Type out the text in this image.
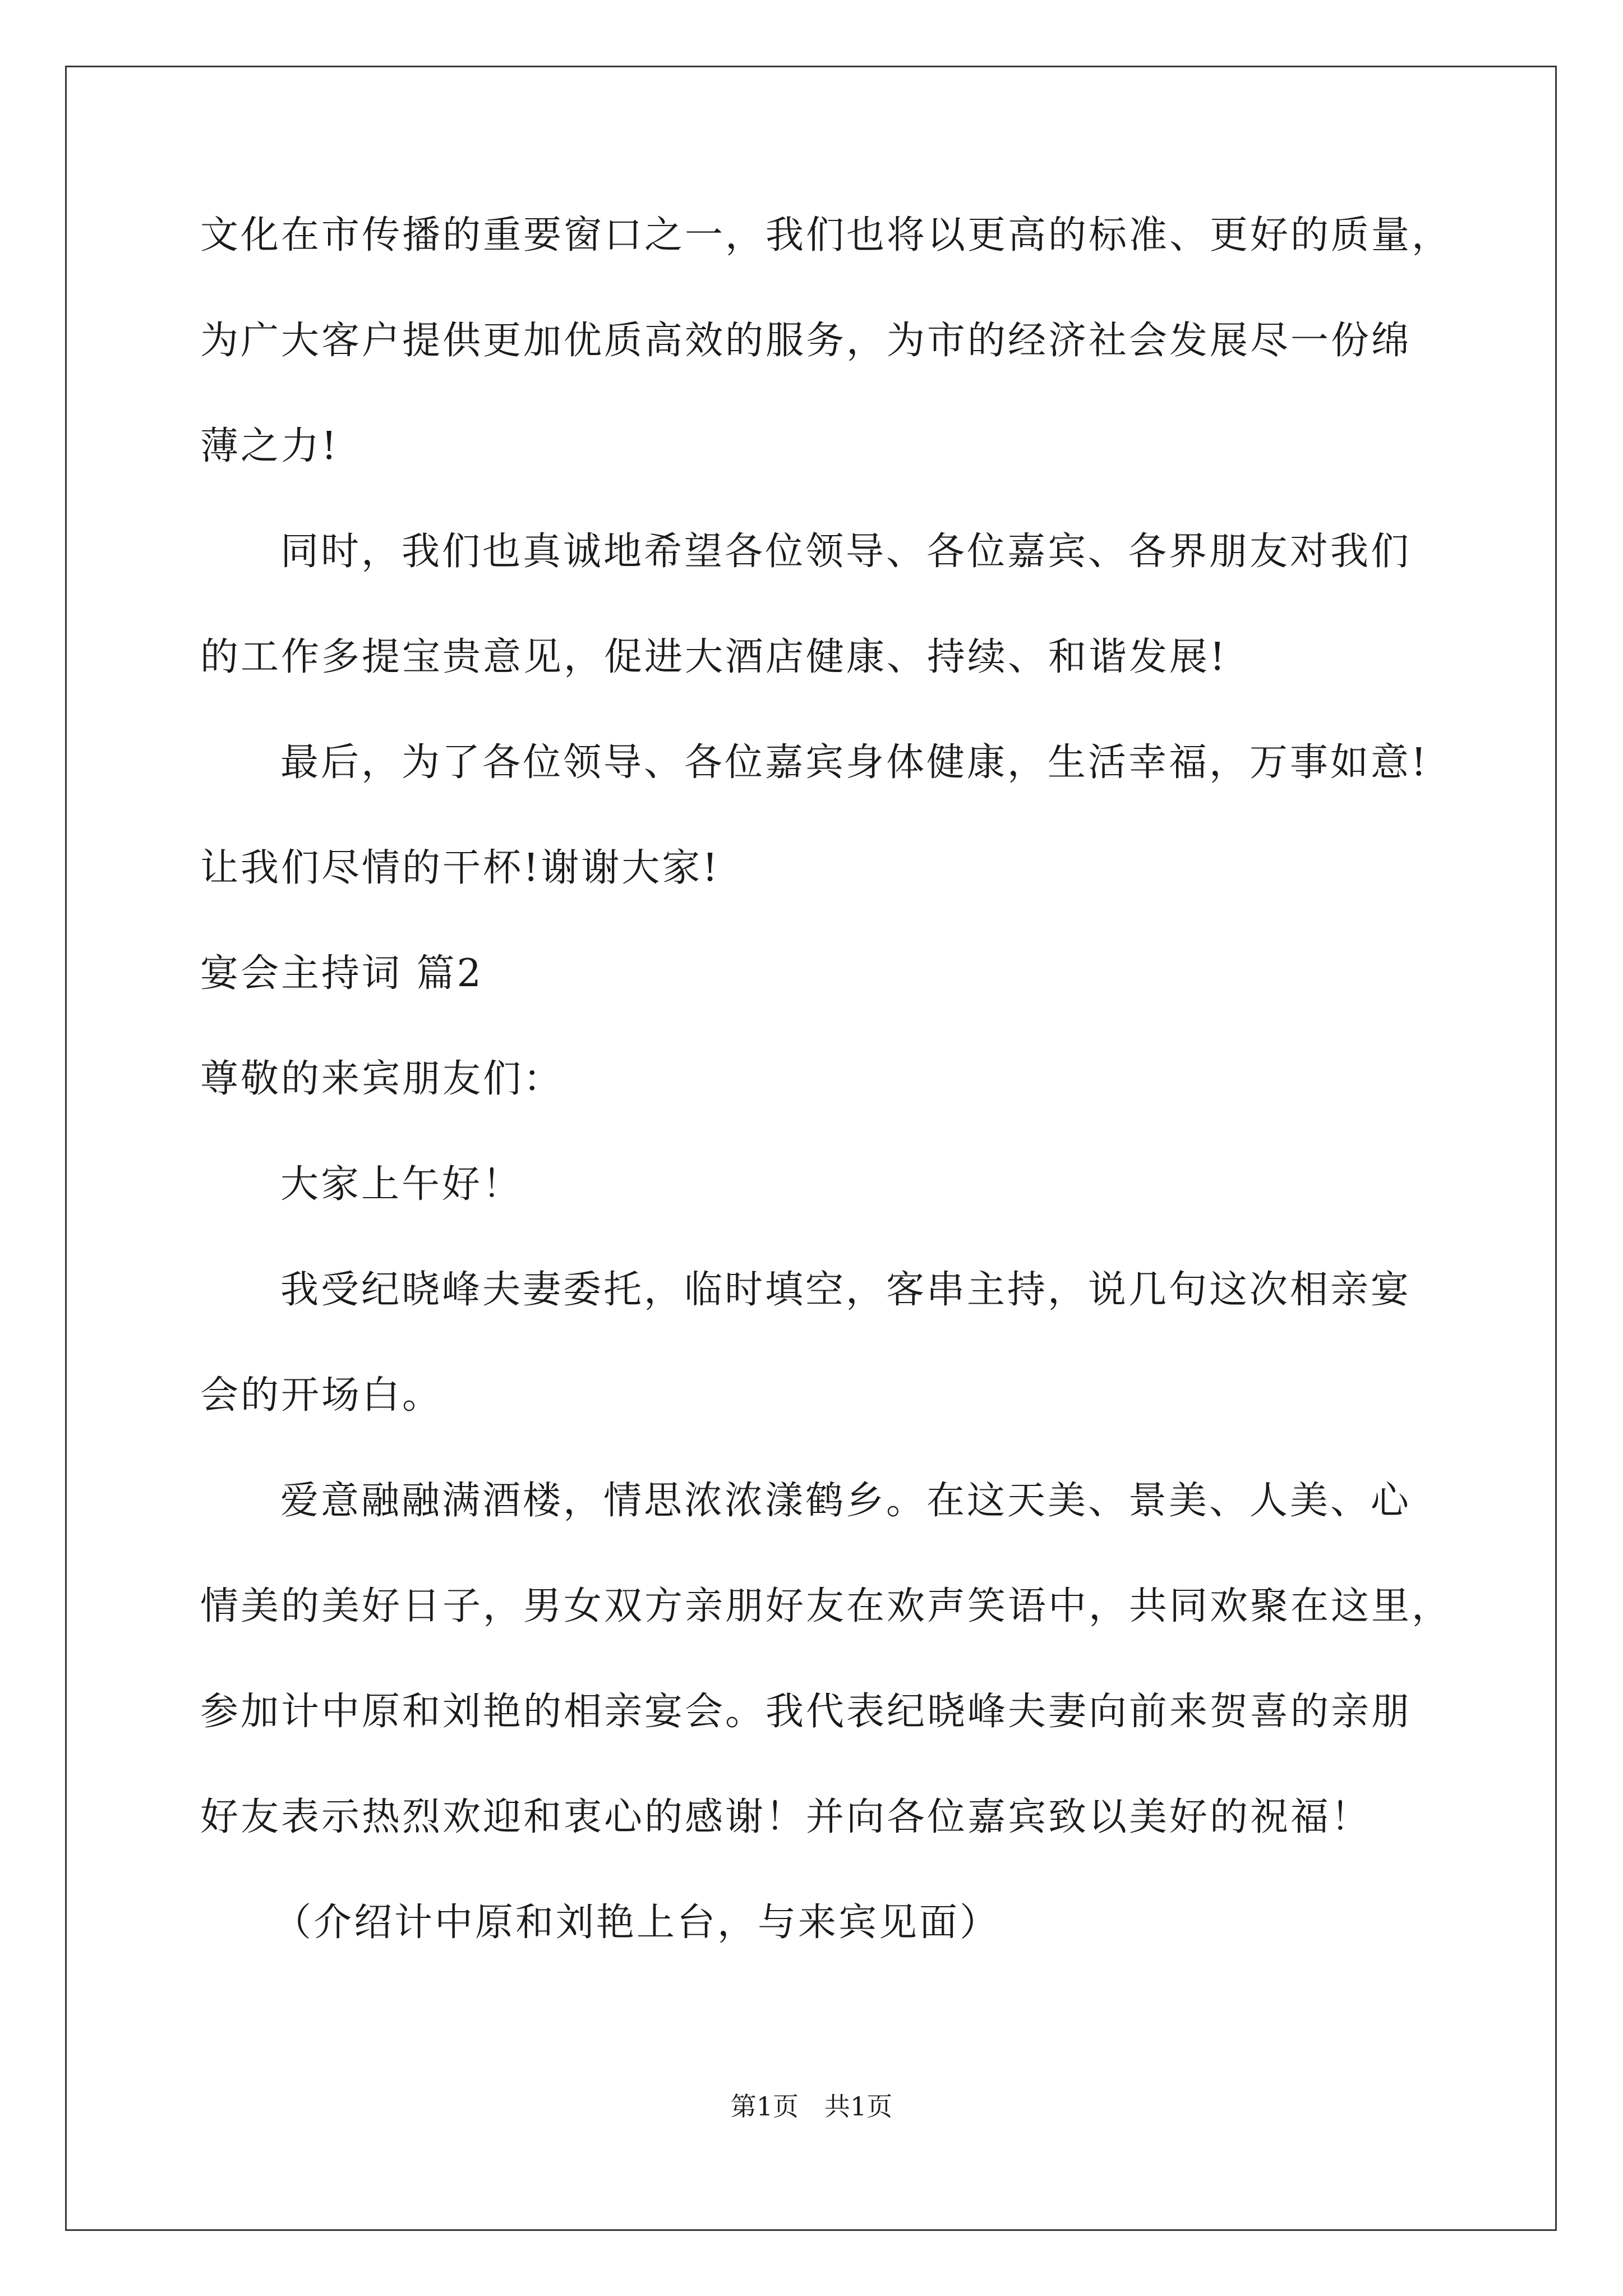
文化在市传播的重要窗口之一，我们也将以更高的标准、更好的质量，
为广大客户提供更加优质高效的服务，为市的经济社会发展尽一份绵
薄之力!
同时，我们也真诚地希望各位领导、各位嘉宾、各界朋友对我们
的工作多提宝贵意见，促进大酒店健康、持续、和谐发展!
最后，为了各位领导、各位嘉宾身体健康，生活幸福，万事如意!
让我们尽情的干杯!谢谢大家!
宴会主持词 篇2
尊敬的来宾朋友们：
大家上午好！
我受纪晓峰夫妻委托，临时填空，客串主持，说几句这次相亲宴
会的开场白。
爱意融融满酒楼，情思浓浓漾鹤乡。在这天美、景美、人美、心
情美的美好日子，男女双方亲朋好友在欢声笑语中，共同欢聚在这里，
参加计中原和刘艳的相亲宴会。我代表纪晓峰夫妻向前来贺喜的亲朋
好友表示热烈欢迎和衷心的感谢！并向各位嘉宾致以美好的祝福！
（介绍计中原和刘艳上台，与来宾见面）
第1页　共1页
